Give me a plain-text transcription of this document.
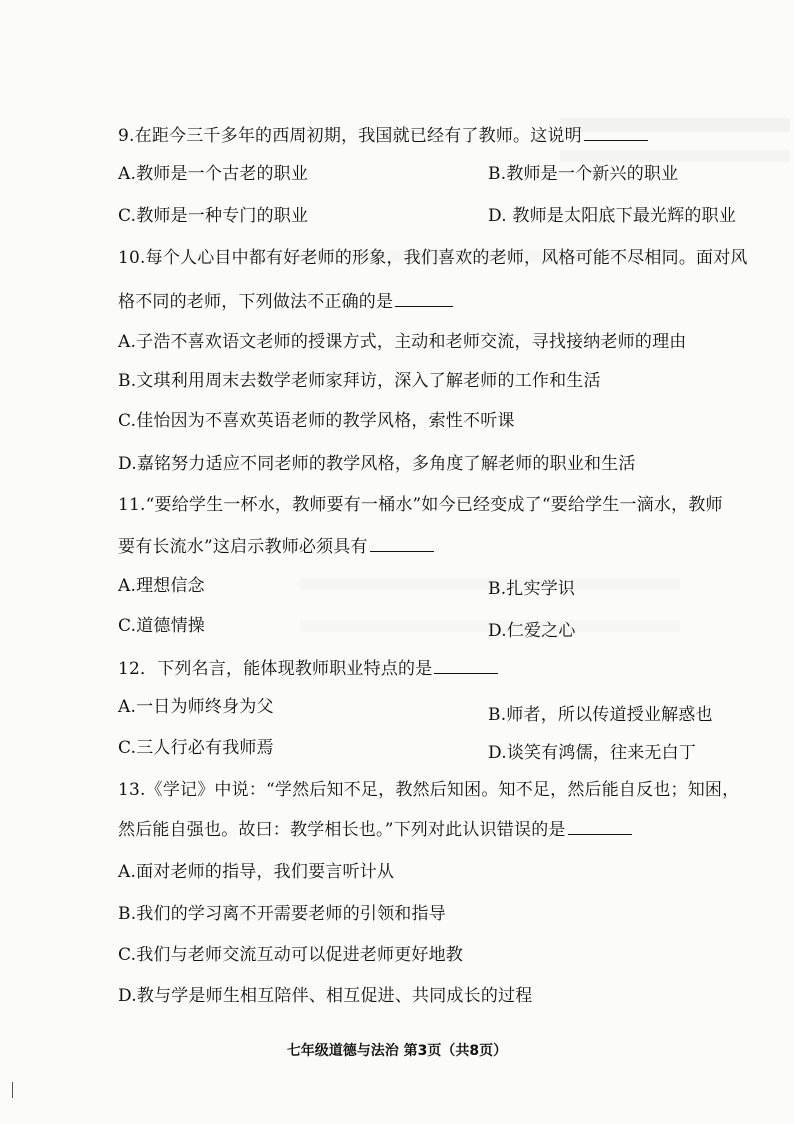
9.在距今三千多年的西周初期，我国就已经有了教师。这说明
A.教师是一个古老的职业	B.教师是一个新兴的职业
C.教师是一种专门的职业	D. 教师是太阳底下最光辉的职业
10.每个人心目中都有好老师的形象，我们喜欢的老师，风格可能不尽相同。面对风
格不同的老师，下列做法不正确的是
A.子浩不喜欢语文老师的授课方式，主动和老师交流，寻找接纳老师的理由
B.文琪利用周末去数学老师家拜访，深入了解老师的工作和生活
C.佳怡因为不喜欢英语老师的教学风格，索性不听课
D.嘉铭努力适应不同老师的教学风格，多角度了解老师的职业和生活
11.“要给学生一杯水，教师要有一桶水”如今已经变成了“要给学生一滴水，教师
要有长流水”这启示教师必须具有
A.理想信念	B.扎实学识
C.道德情操	D.仁爱之心
12．下列名言，能体现教师职业特点的是
A.一日为师终身为父	B.师者，所以传道授业解惑也
C.三人行必有我师焉	D.谈笑有鸿儒，往来无白丁
13.《学记》中说：“学然后知不足，教然后知困。知不足，然后能自反也；知困，
然后能自强也。故曰：教学相长也。”下列对此认识错误的是
A.面对老师的指导，我们要言听计从
B.我们的学习离不开需要老师的引领和指导
C.我们与老师交流互动可以促进老师更好地教
D.教与学是师生相互陪伴、相互促进、共同成长的过程
七年级道德与法治 第3页（共8页）
